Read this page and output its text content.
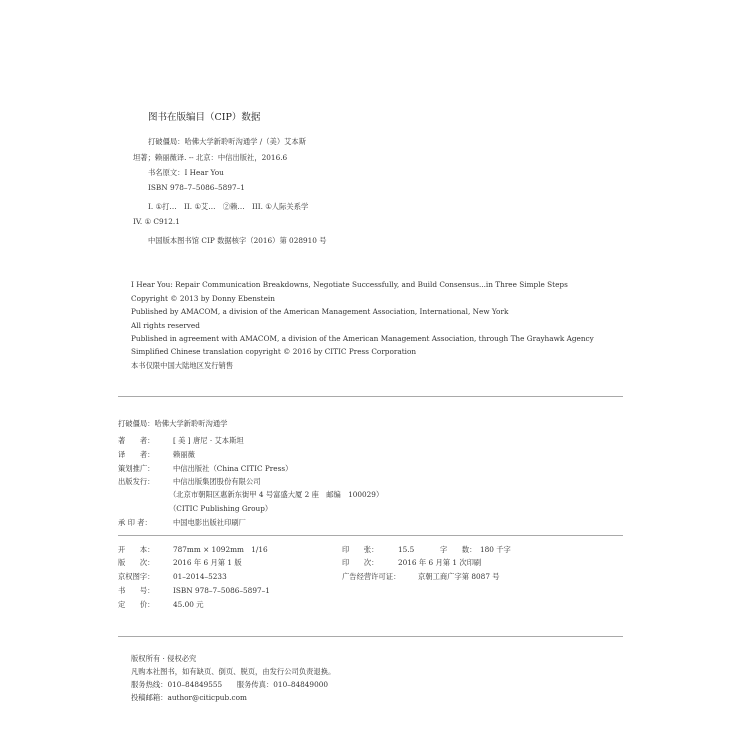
图书在版编目（CIP）数据
打破僵局：哈佛大学新聆听沟通学 /（美）艾本斯
坦著；赖丽薇译. -- 北京：中信出版社，2016.6
书名原文：I Hear You
ISBN 978–7–5086–5897–1
I. ①打…　II. ①艾…　②赖…　III. ①人际关系学
IV. ① C912.1
中国版本图书馆 CIP 数据核字（2016）第 028910 号
I Hear You: Repair Communication Breakdowns, Negotiate Successfully, and Build Consensus...in Three Simple Steps
Copyright © 2013 by Donny Ebenstein
Published by AMACOM, a division of the American Management Association, International, New York
All rights reserved
Published in agreement with AMACOM, a division of the American Management Association, through The Grayhawk Agency
Simplified Chinese translation copyright © 2016 by CITIC Press Corporation
本书仅限中国大陆地区发行销售
打破僵局：哈佛大学新聆听沟通学
著　　者：	[ 美 ] 唐尼 · 艾本斯坦
译　　者：	赖丽薇
策划推广：	中信出版社（China CITIC Press）
出版发行：	中信出版集团股份有限公司
（北京市朝阳区惠新东街甲 4 号富盛大厦 2 座　邮编　100029）
（CITIC Publishing Group）
承 印 者：	中国电影出版社印刷厂
开　　本：	787mm × 1092mm　1/16	印　　张：	15.5	字　　数： 180 千字
版　　次：	2016 年 6 月第 1 版	印　　次：	2016 年 6 月第 1 次印刷
京权图字：	01–2014–5233	广告经营许可证： 京朝工商广字第 8087 号
书　　号：	ISBN 978–7–5086–5897–1
定　　价：	45.00 元
版权所有 · 侵权必究
凡购本社图书，如有缺页、倒页、脱页，由发行公司负责退换。
服务热线：010–84849555　　服务传真：010–84849000
投稿邮箱：author@citicpub.com
